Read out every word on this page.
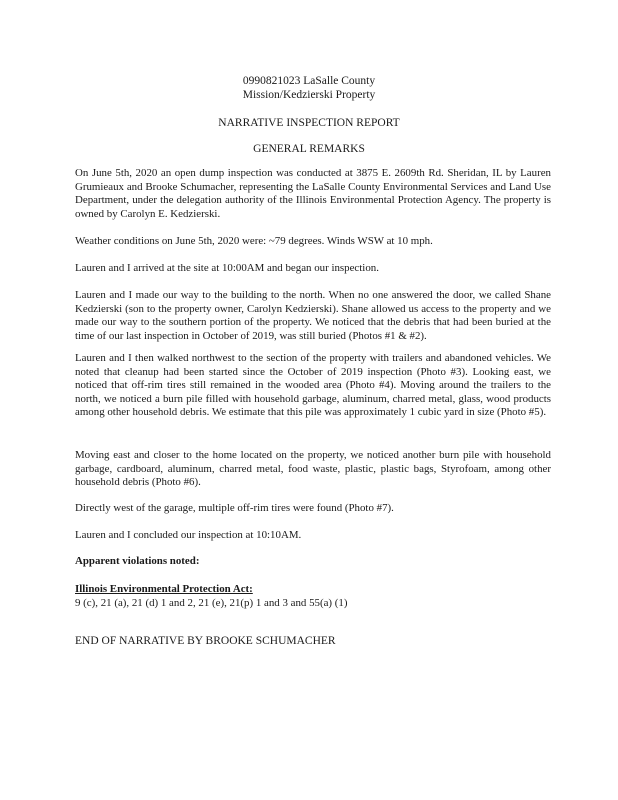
0990821023 LaSalle County
Mission/Kedzierski Property
NARRATIVE INSPECTION REPORT
GENERAL REMARKS
On June 5th, 2020 an open dump inspection was conducted at 3875 E. 2609th Rd. Sheridan, IL by Lauren Grumieaux and Brooke Schumacher, representing the LaSalle County Environmental Services and Land Use Department, under the delegation authority of the Illinois Environmental Protection Agency. The property is owned by Carolyn E. Kedzierski.
Weather conditions on June 5th, 2020 were: ~79 degrees. Winds WSW at 10 mph.
Lauren and I arrived at the site at 10:00AM and began our inspection.
Lauren and I made our way to the building to the north. When no one answered the door, we called Shane Kedzierski (son to the property owner, Carolyn Kedzierski). Shane allowed us access to the property and we made our way to the southern portion of the property. We noticed that the debris that had been buried at the time of our last inspection in October of 2019, was still buried (Photos #1 & #2).
Lauren and I then walked northwest to the section of the property with trailers and abandoned vehicles. We noted that cleanup had been started since the October of 2019 inspection (Photo #3). Looking east, we noticed that off-rim tires still remained in the wooded area (Photo #4). Moving around the trailers to the north, we noticed a burn pile filled with household garbage, aluminum, charred metal, glass, wood products among other household debris. We estimate that this pile was approximately 1 cubic yard in size (Photo #5).
Moving east and closer to the home located on the property, we noticed another burn pile with household garbage, cardboard, aluminum, charred metal, food waste, plastic, plastic bags, Styrofoam, among other household debris (Photo #6).
Directly west of the garage, multiple off-rim tires were found (Photo #7).
Lauren and I concluded our inspection at 10:10AM.
Apparent violations noted:
Illinois Environmental Protection Act:
9 (c), 21 (a), 21 (d) 1 and 2, 21 (e), 21(p) 1 and 3 and 55(a) (1)
END OF NARRATIVE BY BROOKE SCHUMACHER
